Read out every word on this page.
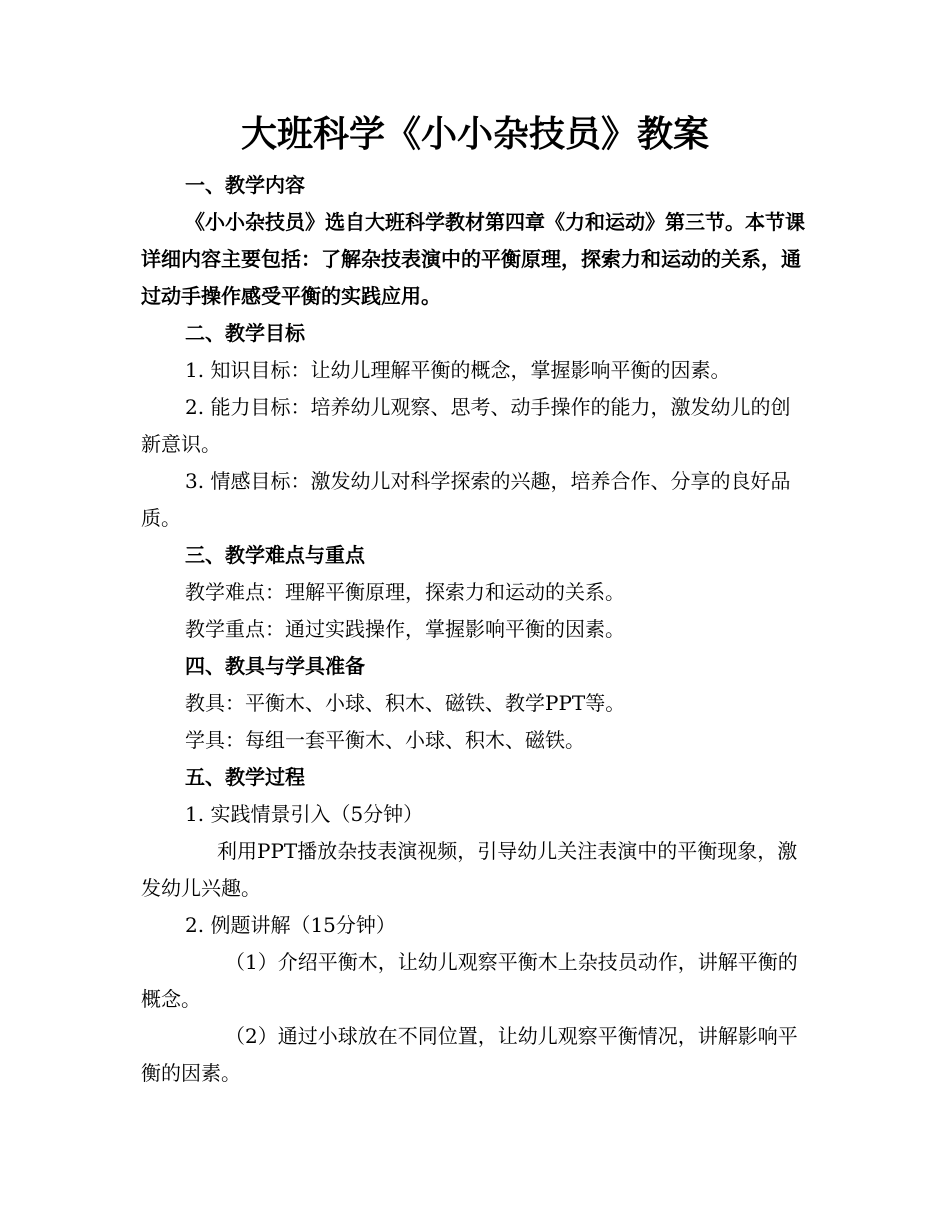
大班科学《小小杂技员》教案

一、教学内容

《小小杂技员》选自大班科学教材第四章《力和运动》第三节。本节课详细内容主要包括：了解杂技表演中的平衡原理，探索力和运动的关系，通过动手操作感受平衡的实践应用。

二、教学目标

1. 知识目标：让幼儿理解平衡的概念，掌握影响平衡的因素。

2. 能力目标：培养幼儿观察、思考、动手操作的能力，激发幼儿的创新意识。

3. 情感目标：激发幼儿对科学探索的兴趣，培养合作、分享的良好品质。

三、教学难点与重点

教学难点：理解平衡原理，探索力和运动的关系。

教学重点：通过实践操作，掌握影响平衡的因素。

四、教具与学具准备

教具：平衡木、小球、积木、磁铁、教学PPT等。

学具：每组一套平衡木、小球、积木、磁铁。

五、教学过程

1. 实践情景引入（5分钟）

利用PPT播放杂技表演视频，引导幼儿关注表演中的平衡现象，激发幼儿兴趣。

2. 例题讲解（15分钟）

（1）介绍平衡木，让幼儿观察平衡木上杂技员动作，讲解平衡的概念。

（2）通过小球放在不同位置，让幼儿观察平衡情况，讲解影响平衡的因素。
